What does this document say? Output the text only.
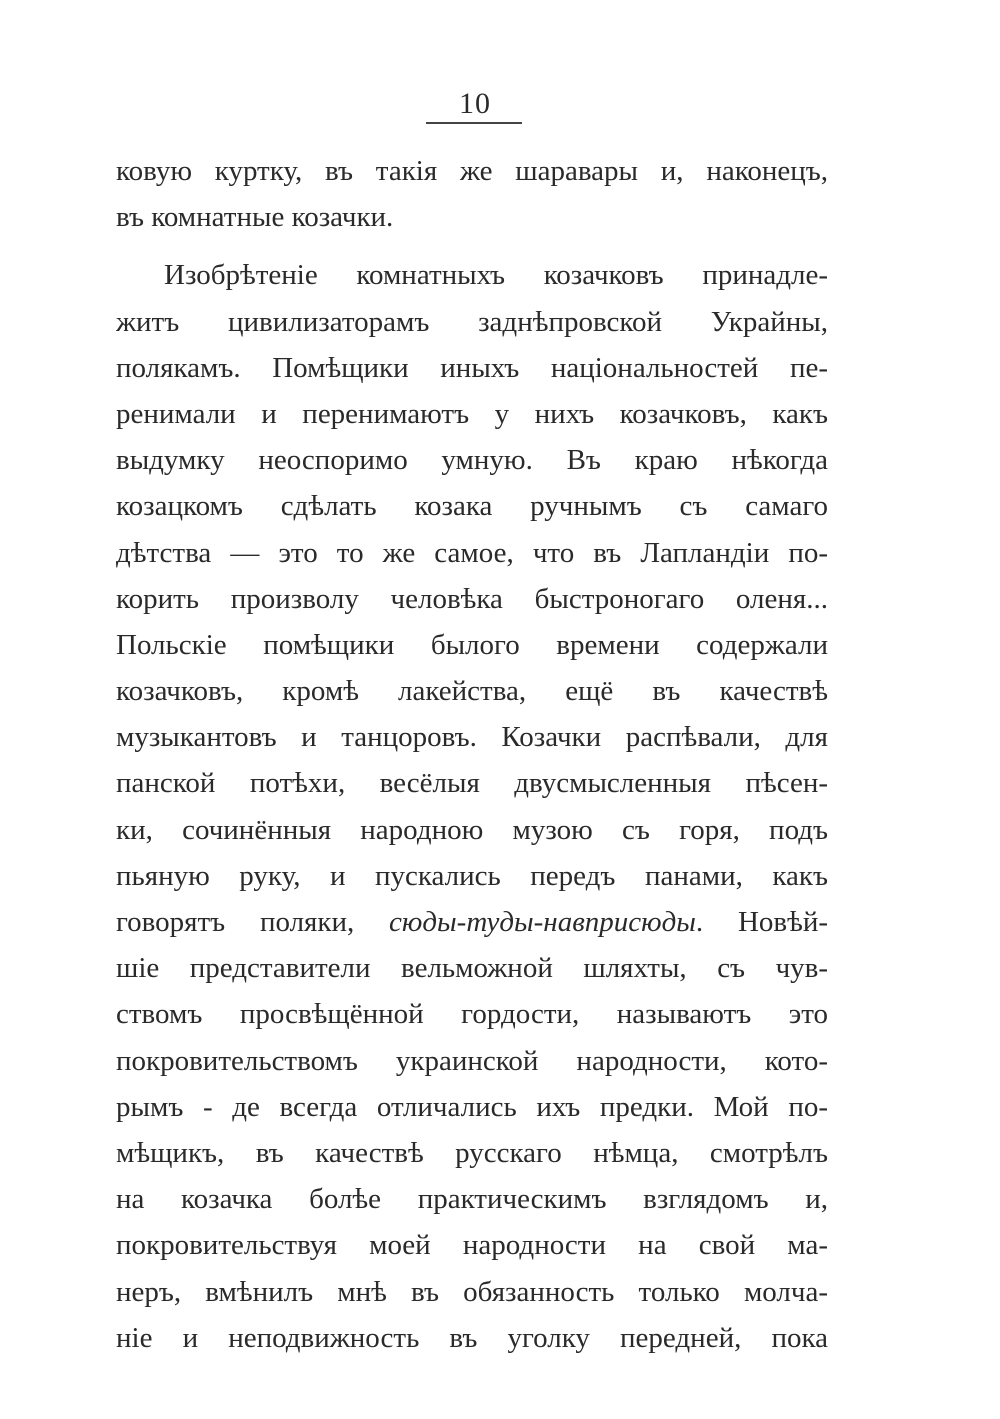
10
ковую куртку, въ такія же шаравары и, наконецъ,
въ комнатные козачки.
Изобрѣтеніе комнатныхъ козачковъ принадле-
житъ цивилизаторамъ заднѣпровской Украйны,
полякамъ. Помѣщики иныхъ національностей пе-
ренимали и перенимаютъ у нихъ козачковъ, какъ
выдумку неоспоримо умную. Въ краю нѣкогда
козацкомъ сдѣлать козака ручнымъ съ самаго
дѣтства — это то же самое, что въ Лапландіи по-
корить произволу человѣка быстроногаго оленя...
Польскіе помѣщики былого времени содержали
козачковъ, кромѣ лакейства, ещё въ качествѣ
музыкантовъ и танцоровъ. Козачки распѣвали, для
панской потѣхи, весёлыя двусмысленныя пѣсен-
ки, сочинённыя народною музою съ горя, подъ
пьяную руку, и пускались передъ панами, какъ
говорятъ поляки, сюды-туды-навприсюды. Новѣй-
шіе представители вельможной шляхты, съ чув-
ствомъ просвѣщённой гордости, называютъ это
покровительствомъ украинской народности, кото-
рымъ - де всегда отличались ихъ предки. Мой по-
мѣщикъ, въ качествѣ русскаго нѣмца, смотрѣлъ
на козачка болѣе практическимъ взглядомъ и,
покровительствуя моей народности на свой ма-
неръ, вмѣнилъ мнѣ въ обязанность только молча-
ніе и неподвижность въ уголку передней, пока
